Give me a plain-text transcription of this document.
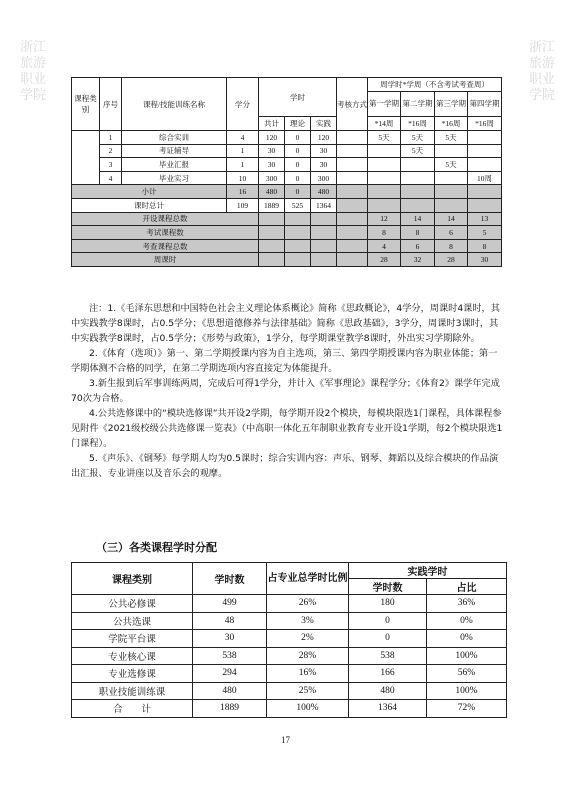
浙江旅游职业学院
浙江旅游职业学院
课程类别	序号	课程/技能训练名称	学分	学时			考核方式	周学时*学周（不含考试考查周）			
								第一学期	第二学期	第三学期	第四学期
				共计	理论	实践		*14周	*16周	*16周	*16周
	1	综合实训	4	120	0	120		5天	5天	5天	
	2	考证辅导	1	30	0	30			5天		
	3	毕业汇报	1	30	0	30				5天	
	4	毕业实习	10	300	0	300					10周
小计			16	480	0	480					
课时总计			109	1889	525	1364					
开设课程总数								12	14	14	13
考试课程数								8	8	6	5
考查课程总数								4	6	8	8
周课时								28	32	28	30

注：1.《毛泽东思想和中国特色社会主义理论体系概论》简称《思政概论》，4学分，周课时4课时，其中实践教学8课时，占0.5学分；《思想道德修养与法律基础》简称《思政基础》，3学分，周课时3课时，其中实践教学8课时，占0.5学分；《形势与政策》，1学分，每学期课堂教学8课时，外出实习学期除外。

2.《体育（选项）》第一、第二学期授课内容为自主选项，第三、第四学期授课内容为职业体能；第一学期体测不合格的同学，在第二学期选项内容直接定为体能提升。

3.新生报到后军事训练两周，完成后可得1学分，并计入《军事理论》课程学分；《体育2》课学年完成70次为合格。

4.公共选修课中的“模块选修课”共开设2学期，每学期开设2个模块，每模块限选1门课程，具体课程参见附件《2021级校级公共选修课一览表》（中高职一体化五年制职业教育专业开设1学期，每2个模块限选1门课程）。

5.《声乐》、《钢琴》每学期人均为0.5课时；综合实训内容：声乐、钢琴、舞蹈以及综合模块的作品演出汇报、专业讲座以及音乐会的观摩。

（三）各类课程学时分配
课程类别	学时数	占专业总学时比例	实践学时	
			学时数	占比
公共必修课	499	26%	180	36%
公共选课	48	3%	0	0%
学院平台课	30	2%	0	0%
专业核心课	538	28%	538	100%
专业选修课	294	16%	166	56%
职业技能训练课	480	25%	480	100%
合　　计	1889	100%	1364	72%
17
